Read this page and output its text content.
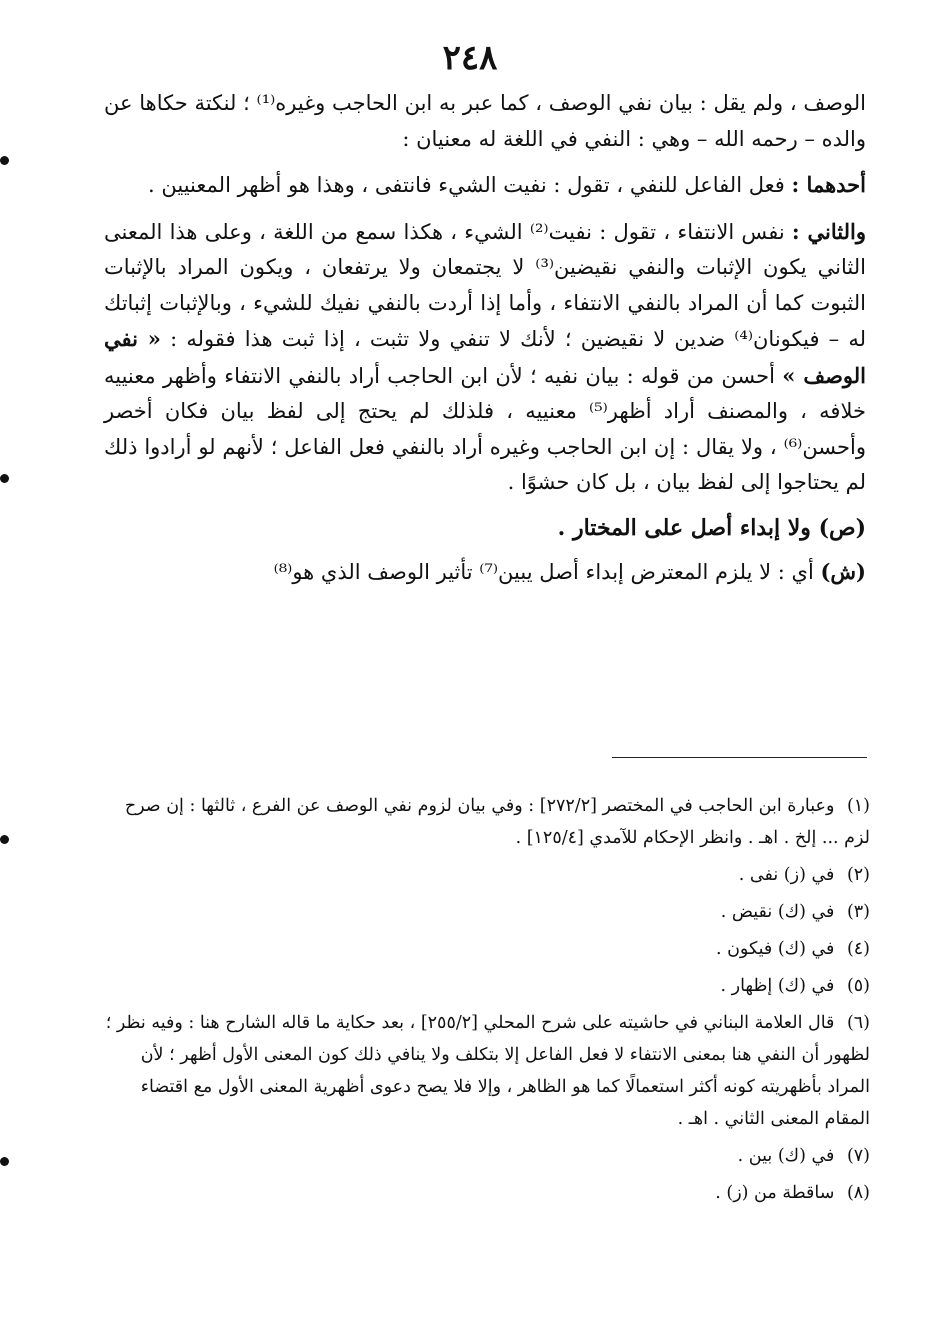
٢٤٨

الوصف ، ولم يقل : بيان نفي الوصف ، كما عبر به ابن الحاجب وغيره⁽¹⁾ ؛ لنكتة حكاها عن والده – رحمه الله – وهي : النفي في اللغة له معنيان :

أحدهما : فعل الفاعل للنفي ، تقول : نفيت الشيء فانتفى ، وهذا هو أظهر المعنيين .

والثاني : نفس الانتفاء ، تقول : نفيت⁽²⁾ الشيء ، هكذا سمع من اللغة ، وعلى هذا المعنى الثاني يكون الإثبات والنفي نقيضين⁽³⁾ لا يجتمعان ولا يرتفعان ، ويكون المراد بالإثبات الثبوت كما أن المراد بالنفي الانتفاء ، وأما إذا أردت بالنفي نفيك للشيء ، وبالإثبات إثباتك له – فيكونان⁽⁴⁾ ضدين لا نقيضين ؛ لأنك لا تنفي ولا تثبت ، إذا ثبت هذا فقوله : « نفي الوصف » أحسن من قوله : بيان نفيه ؛ لأن ابن الحاجب أراد بالنفي الانتفاء وأظهر معنييه خلافه ، والمصنف أراد أظهر⁽⁵⁾ معنييه ، فلذلك لم يحتج إلى لفظ بيان فكان أخصر وأحسن⁽⁶⁾ ، ولا يقال : إن ابن الحاجب وغيره أراد بالنفي فعل الفاعل ؛ لأنهم لو أرادوا ذلك لم يحتاجوا إلى لفظ بيان ، بل كان حشوًا .

(ص) ولا إبداء أصل على المختار .

(ش) أي : لا يلزم المعترض إبداء أصل يبين⁽⁷⁾ تأثير الوصف الذي هو⁽⁸⁾

(١) وعبارة ابن الحاجب في المختصر [٢٧٢/٢] : وفي بيان لزوم نفي الوصف عن الفرع ، ثالثها : إن صرح لزم ... إلخ . اهـ . وانظر الإحكام للآمدي [١٢٥/٤] .
(٢) في (ز) نفى .
(٣) في (ك) نقيض .
(٤) في (ك) فيكون .
(٥) في (ك) إظهار .
(٦) قال العلامة البناني في حاشيته على شرح المحلي [٢٥٥/٢] ، بعد حكاية ما قاله الشارح هنا : وفيه نظر ؛ لظهور أن النفي هنا بمعنى الانتفاء لا فعل الفاعل إلا بتكلف ولا ينافي ذلك كون المعنى الأول أظهر ؛ لأن المراد بأظهريته كونه أكثر استعمالًا كما هو الظاهر ، وإلا فلا يصح دعوى أظهرية المعنى الأول مع اقتضاء المقام المعنى الثاني . اهـ .
(٧) في (ك) بين .
(٨) ساقطة من (ز) .
